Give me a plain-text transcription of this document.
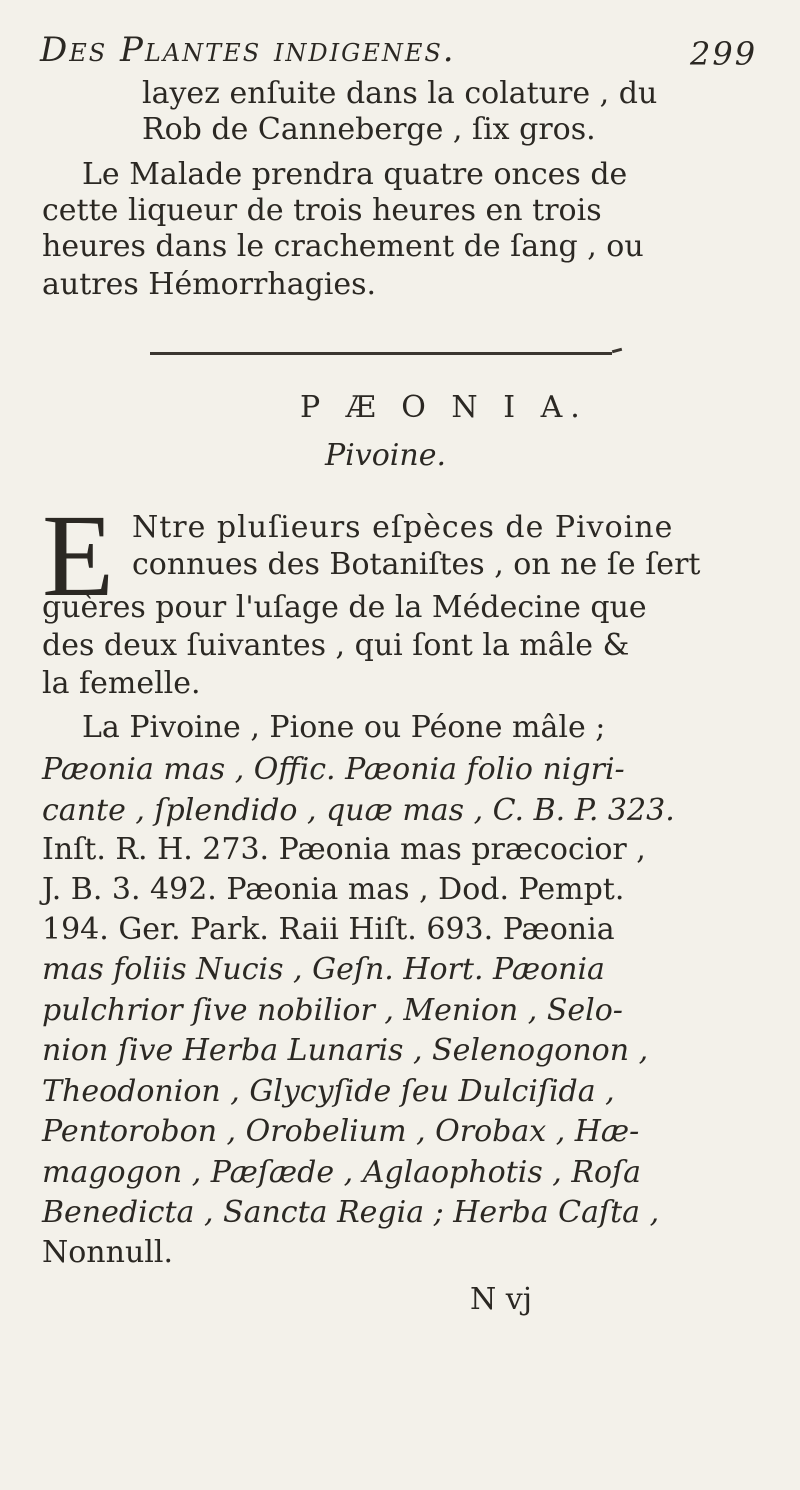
Des Plantes indigenes.	299
layez enſuite dans la colature , du
Rob de Canneberge , ſix gros.
Le Malade prendra quatre onces de
cette liqueur de trois heures en trois
heures dans le crachement de ſang , ou
autres Hémorrhagies.
P Æ O N I A.
Pivoine.
E Ntre pluſieurs eſpèces de Pivoine
connues des Botaniſtes , on ne ſe ſert
guères pour l'uſage de la Médecine que
des deux ſuivantes , qui ſont la mâle &
la femelle.
La Pivoine , Pione ou Péone mâle ;
Pæonia mas , Offic. Pæonia folio nigri-
cante , ſplendido , quæ mas , C. B. P. 323.
Inſt. R. H. 273. Pæonia mas præcocior ,
J. B. 3. 492. Pæonia mas , Dod. Pempt.
194. Ger. Park. Raii Hiſt. 693. Pæonia
mas foliis Nucis , Geſn. Hort. Pæonia
pulchrior ſive nobilior , Menion , Selo-
nion ſive Herba Lunaris , Selenogonon ,
Theodonion , Glycyſide ſeu Dulciſida ,
Pentorobon , Orobelium , Orobax , Hæ-
magogon , Pæſæde , Aglaophotis , Roſa
Benedicta , Sancta Regia ; Herba Caſta ,
Nonnull.
N vj
